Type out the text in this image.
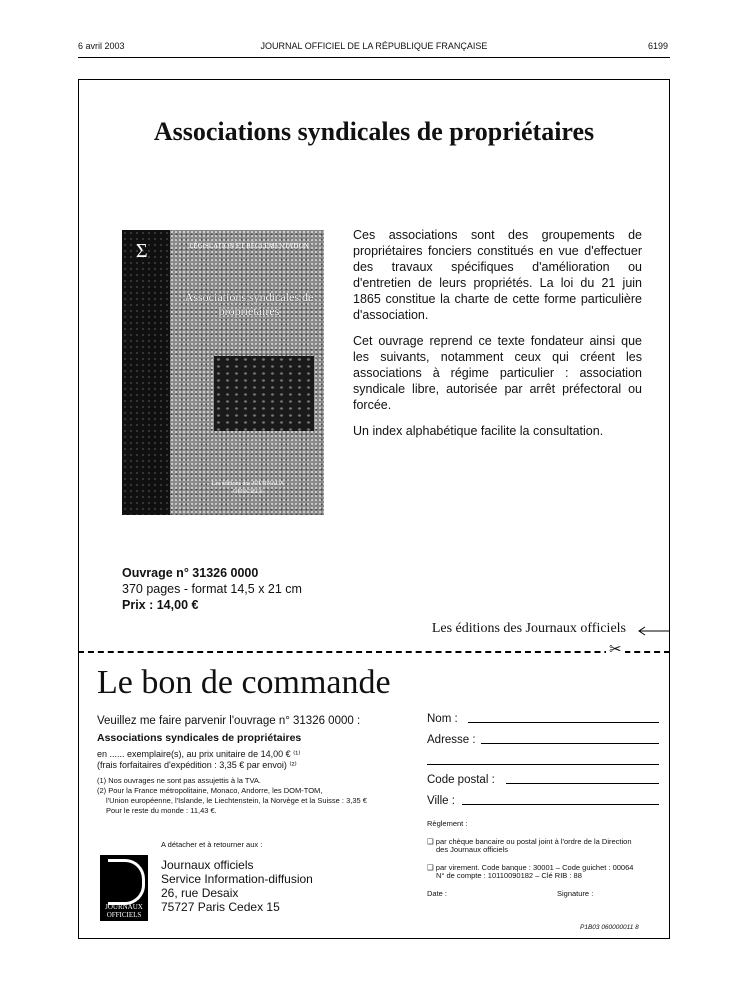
6 avril 2003	JOURNAL OFFICIEL DE LA RÉPUBLIQUE FRANÇAISE	6199
Associations syndicales de propriétaires
Σ	LÉGISLATION ET RÉGLEMENTATION
Associations syndicales de propriétaires
Les éditions des JOURNAUX OFFICIELS

Ces associations sont des groupements de propriétaires fonciers constitués en vue d'effectuer des travaux spécifiques d'amélioration ou d'entretien de leurs propriétés. La loi du 21 juin 1865 constitue la charte de cette forme particulière d'association.

Cet ouvrage reprend ce texte fondateur ainsi que les suivants, notamment ceux qui créent les associations à régime particulier : association syndicale libre, autorisée par arrêt préfectoral ou forcée.

Un index alphabétique facilite la consultation.

Ouvrage n° 31326 0000
370 pages - format 14,5 x 21 cm
Prix : 14,00 €
Les éditions des Journaux officiels
✂
Le bon de commande
Veuillez me faire parvenir l'ouvrage n° 31326 0000 :
Associations syndicales de propriétaires
en ...... exemplaire(s), au prix unitaire de 14,00 € ⁽¹⁾
(frais forfaitaires d'expédition : 3,35 € par envoi) ⁽²⁾
(1) Nos ouvrages ne sont pas assujettis à la TVA.
(2) Pour la France métropolitaine, Monaco, Andorre, les DOM-TOM,
l'Union européenne, l'Islande, le Liechtenstein, la Norvège et la Suisse : 3,35 €
Pour le reste du monde : 11,43 €.
A détacher et à retourner aux :
JOURNAUX
OFFICIELS
Journaux officiels
Service Information-diffusion
26, rue Desaix
75727 Paris Cedex 15
Nom :
Adresse :
Code postal :
Ville :
Règlement :
❑ par chèque bancaire ou postal joint à l'ordre de la Direction
des Journaux officiels
❑ par virement. Code banque : 30001 – Code guichet : 00064
N° de compte : 10110090182 – Clé RIB : 88
Date :	Signature :
P1B03 060000011 8
